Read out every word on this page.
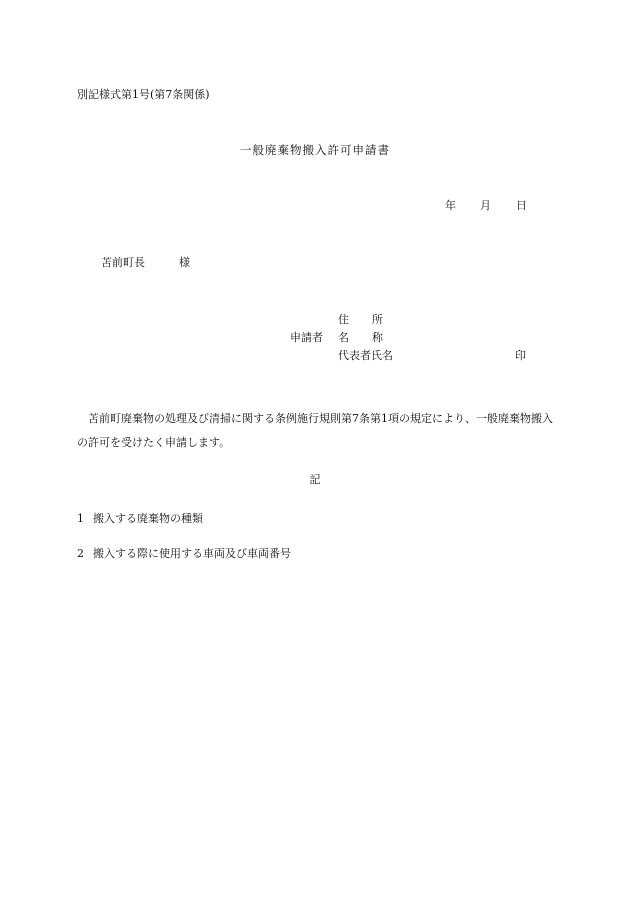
別記様式第1号(第7条関係)
一般廃棄物搬入許可申請書
年 月 日
苫前町長	様
住 所
申請者 名 称
代表者氏名	印
苫前町廃棄物の処理及び清掃に関する条例施行規則第7条第1項の規定により、一般廃棄物搬入の許可を受けたく申請します。
記
1 搬入する廃棄物の種類
2 搬入する際に使用する車両及び車両番号
